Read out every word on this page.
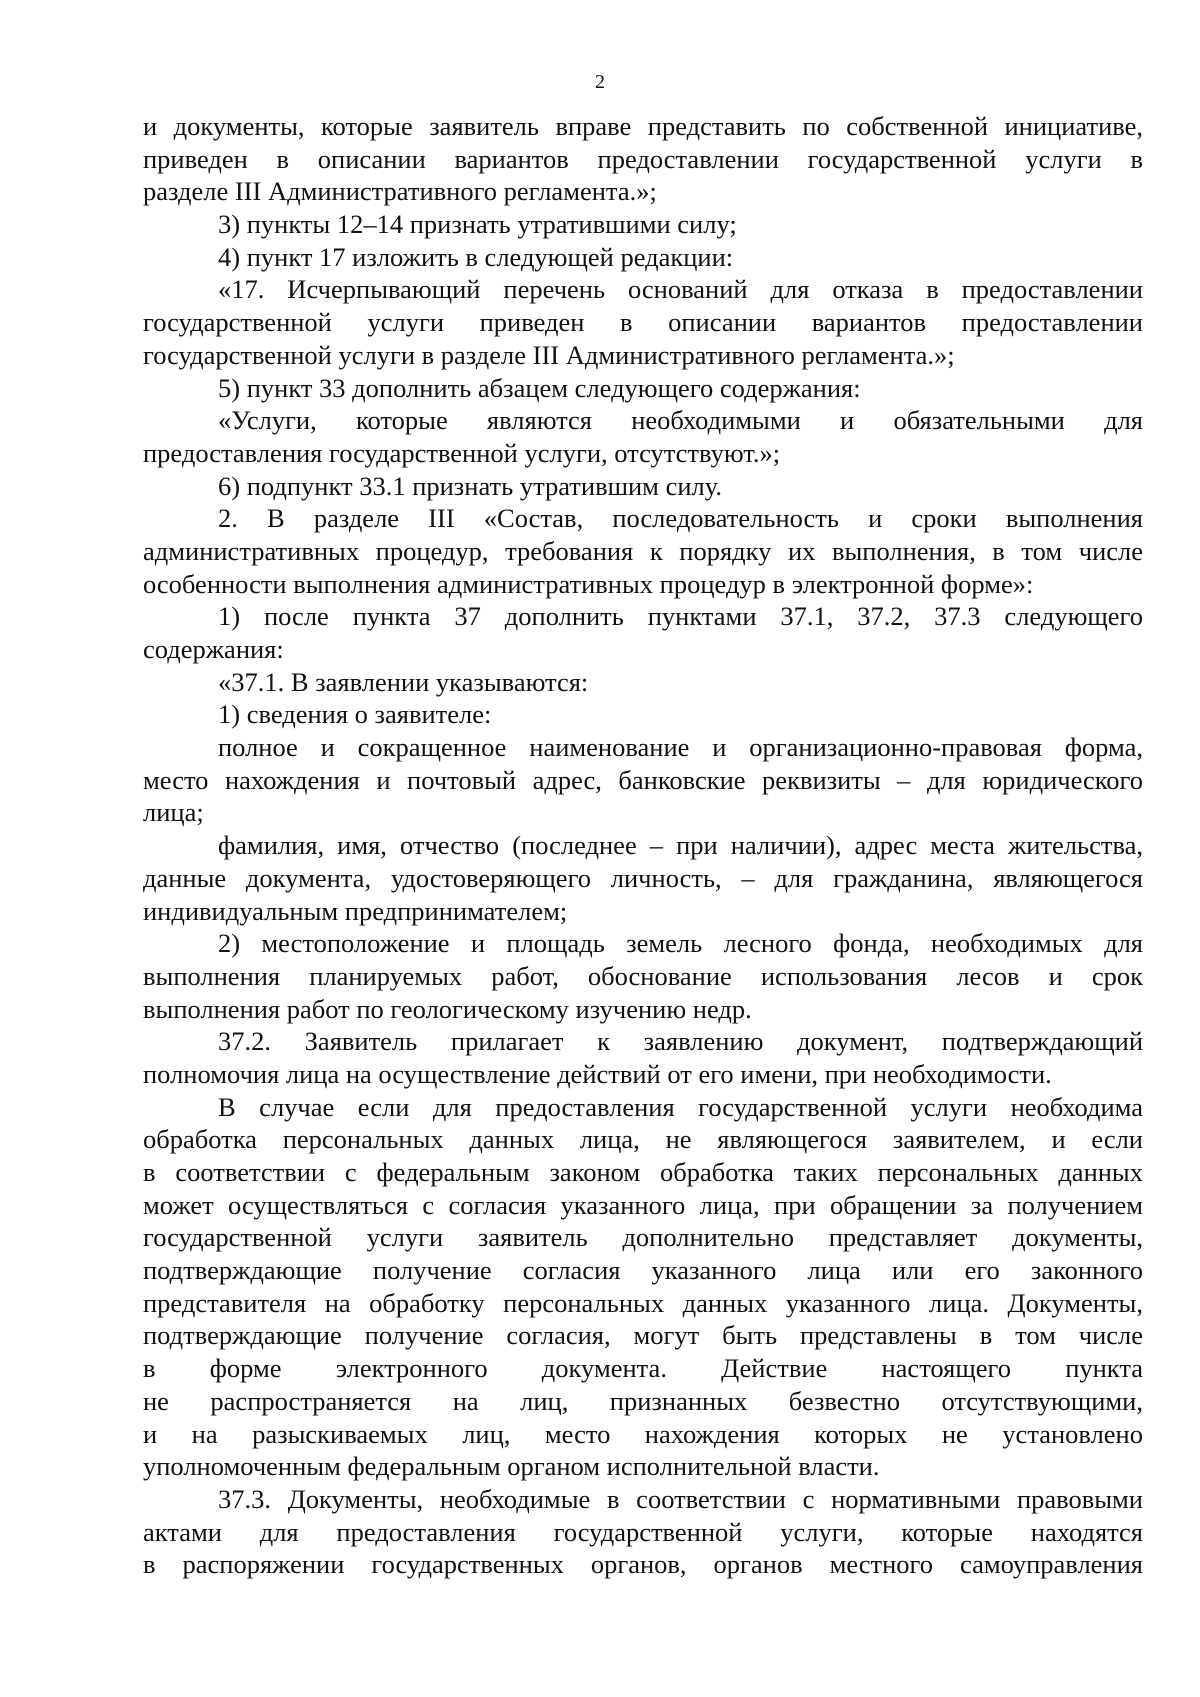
2
и документы, которые заявитель вправе представить по собственной инициативе,
приведен в описании вариантов предоставлении государственной услуги в
разделе III Административного регламента.»;
3) пункты 12–14 признать утратившими силу;
4) пункт 17 изложить в следующей редакции:
«17. Исчерпывающий перечень оснований для отказа в предоставлении
государственной услуги приведен в описании вариантов предоставлении
государственной услуги в разделе III Административного регламента.»;
5) пункт 33 дополнить абзацем следующего содержания:
«Услуги, которые являются необходимыми и обязательными для
предоставления государственной услуги, отсутствуют.»;
6) подпункт 33.1 признать утратившим силу.
2. В разделе III «Состав, последовательность и сроки выполнения
административных процедур, требования к порядку их выполнения, в том числе
особенности выполнения административных процедур в электронной форме»:
1) после пункта 37 дополнить пунктами 37.1, 37.2, 37.3 следующего
содержания:
«37.1. В заявлении указываются:
1) сведения о заявителе:
полное и сокращенное наименование и организационно-правовая форма,
место нахождения и почтовый адрес, банковские реквизиты – для юридического
лица;
фамилия, имя, отчество (последнее – при наличии), адрес места жительства,
данные документа, удостоверяющего личность, – для гражданина, являющегося
индивидуальным предпринимателем;
2) местоположение и площадь земель лесного фонда, необходимых для
выполнения планируемых работ, обоснование использования лесов и срок
выполнения работ по геологическому изучению недр.
37.2. Заявитель прилагает к заявлению документ, подтверждающий
полномочия лица на осуществление действий от его имени, при необходимости.
В случае если для предоставления государственной услуги необходима
обработка персональных данных лица, не являющегося заявителем, и если
в соответствии с федеральным законом обработка таких персональных данных
может осуществляться с согласия указанного лица, при обращении за получением
государственной услуги заявитель дополнительно представляет документы,
подтверждающие получение согласия указанного лица или его законного
представителя на обработку персональных данных указанного лица. Документы,
подтверждающие получение согласия, могут быть представлены в том числе
в форме электронного документа. Действие настоящего пункта
не распространяется на лиц, признанных безвестно отсутствующими,
и на разыскиваемых лиц, место нахождения которых не установлено
уполномоченным федеральным органом исполнительной власти.
37.3. Документы, необходимые в соответствии с нормативными правовыми
актами для предоставления государственной услуги, которые находятся
в распоряжении государственных органов, органов местного самоуправления
